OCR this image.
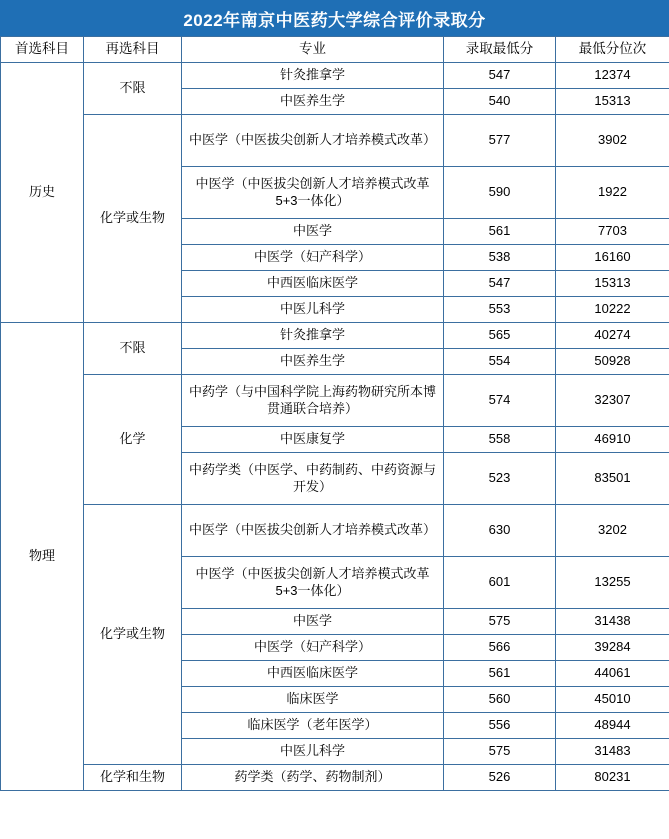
2022年南京中医药大学综合评价录取分
首选科目	再选科目	专业	录取最低分	最低分位次
历史	不限	针灸推拿学	547	12374
		中医养生学	540	15313
	化学或生物	中医学（中医拔尖创新人才培养模式改革）	577	3902
		中医学（中医拔尖创新人才培养模式改革5+3一体化）	590	1922
		中医学	561	7703
		中医学（妇产科学）	538	16160
		中西医临床医学	547	15313
		中医儿科学	553	10222
物理	不限	针灸推拿学	565	40274
		中医养生学	554	50928
	化学	中药学（与中国科学院上海药物研究所本博贯通联合培养）	574	32307
		中医康复学	558	46910
		中药学类（中医学、中药制药、中药资源与开发）	523	83501
	化学或生物	中医学（中医拔尖创新人才培养模式改革）	630	3202
		中医学（中医拔尖创新人才培养模式改革5+3一体化）	601	13255
		中医学	575	31438
		中医学（妇产科学）	566	39284
		中西医临床医学	561	44061
		临床医学	560	45010
		临床医学（老年医学）	556	48944
		中医儿科学	575	31483
	化学和生物	药学类（药学、药物制剂）	526	80231
